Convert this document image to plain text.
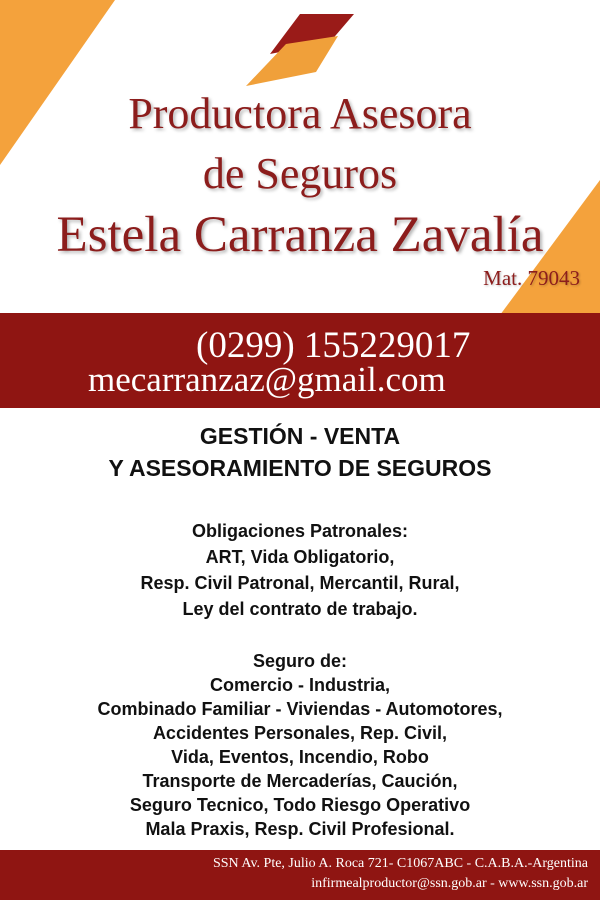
Productora Asesora
de Seguros
Estela Carranza Zavalía
Mat. 79043
(0299) 155229017
mecarranzaz@gmail.com
GESTIÓN - VENTA
Y ASESORAMIENTO DE SEGUROS
Obligaciones Patronales:
ART, Vida Obligatorio,
Resp. Civil Patronal, Mercantil, Rural,
Ley del contrato de trabajo.
Seguro de:
Comercio - Industria,
Combinado Familiar - Viviendas - Automotores,
Accidentes Personales, Rep. Civil,
Vida, Eventos, Incendio, Robo
Transporte de Mercaderías, Caución,
Seguro Tecnico, Todo Riesgo Operativo
Mala Praxis, Resp. Civil Profesional.
SSN Av. Pte, Julio A. Roca 721- C1067ABC - C.A.B.A.-Argentina
infirmealproductor@ssn.gob.ar - www.ssn.gob.ar
